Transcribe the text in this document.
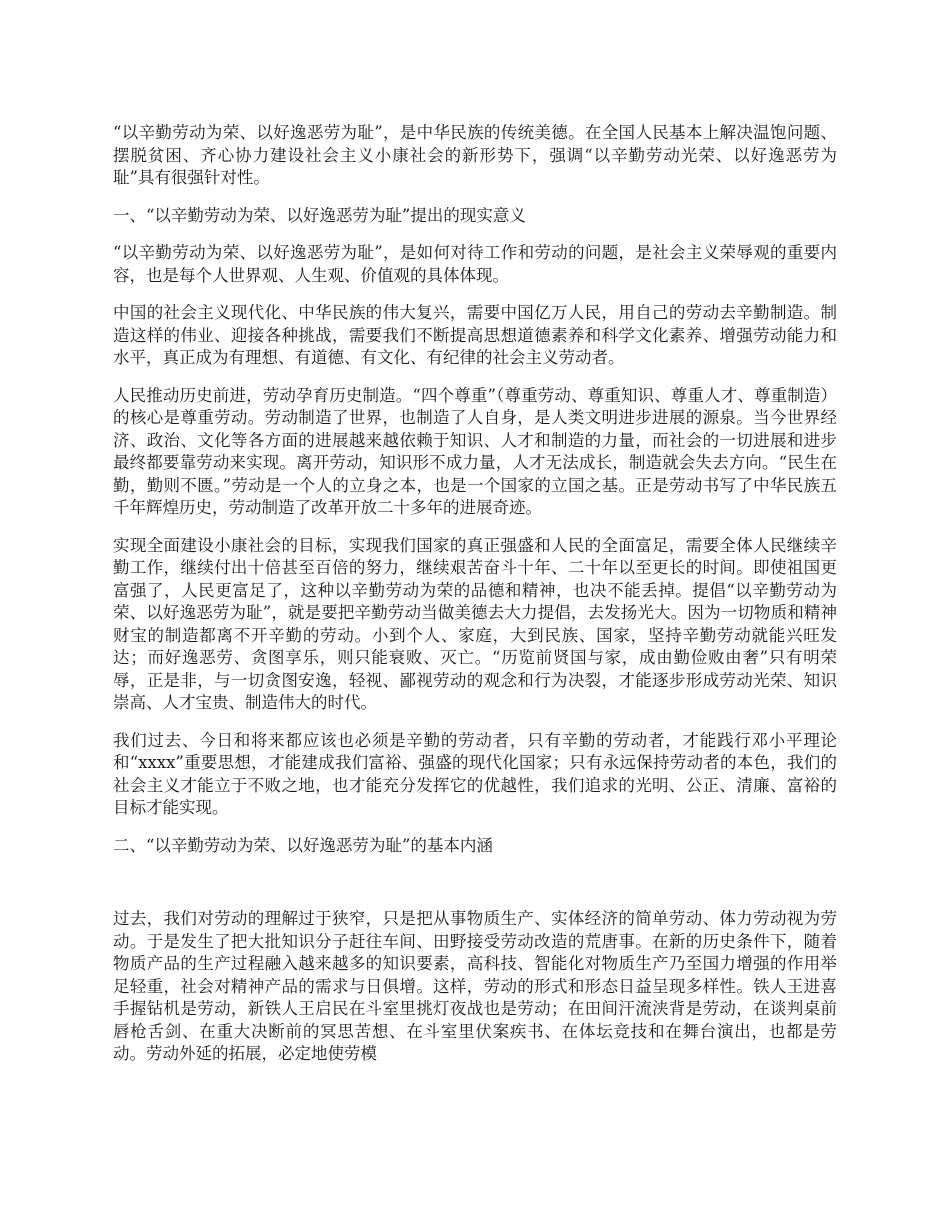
“以辛勤劳动为荣、以好逸恶劳为耻”，是中华民族的传统美德。在全国人民基本上解决温饱问题、摆脱贫困、齐心协力建设社会主义小康社会的新形势下，强调“以辛勤劳动光荣、以好逸恶劳为耻”具有很强针对性。

一、“以辛勤劳动为荣、以好逸恶劳为耻”提出的现实意义

“以辛勤劳动为荣、以好逸恶劳为耻”，是如何对待工作和劳动的问题，是社会主义荣辱观的重要内容，也是每个人世界观、人生观、价值观的具体体现。

中国的社会主义现代化、中华民族的伟大复兴，需要中国亿万人民，用自己的劳动去辛勤制造。制造这样的伟业、迎接各种挑战，需要我们不断提高思想道德素养和科学文化素养、增强劳动能力和水平，真正成为有理想、有道德、有文化、有纪律的社会主义劳动者。

人民推动历史前进，劳动孕育历史制造。“四个尊重”（尊重劳动、尊重知识、尊重人才、尊重制造）的核心是尊重劳动。劳动制造了世界，也制造了人自身，是人类文明进步进展的源泉。当今世界经济、政治、文化等各方面的进展越来越依赖于知识、人才和制造的力量，而社会的一切进展和进步最终都要靠劳动来实现。离开劳动，知识形不成力量，人才无法成长，制造就会失去方向。“民生在勤，勤则不匮。”劳动是一个人的立身之本，也是一个国家的立国之基。正是劳动书写了中华民族五千年辉煌历史，劳动制造了改革开放二十多年的进展奇迹。

实现全面建设小康社会的目标，实现我们国家的真正强盛和人民的全面富足，需要全体人民继续辛勤工作，继续付出十倍甚至百倍的努力，继续艰苦奋斗十年、二十年以至更长的时间。即使祖国更富强了，人民更富足了，这种以辛勤劳动为荣的品德和精神，也决不能丢掉。提倡“以辛勤劳动为荣、以好逸恶劳为耻”，就是要把辛勤劳动当做美德去大力提倡，去发扬光大。因为一切物质和精神财宝的制造都离不开辛勤的劳动。小到个人、家庭，大到民族、国家，坚持辛勤劳动就能兴旺发达；而好逸恶劳、贪图享乐，则只能衰败、灭亡。“历览前贤国与家，成由勤俭败由奢”只有明荣辱，正是非，与一切贪图安逸，轻视、鄙视劳动的观念和行为决裂，才能逐步形成劳动光荣、知识崇高、人才宝贵、制造伟大的时代。

我们过去、今日和将来都应该也必须是辛勤的劳动者，只有辛勤的劳动者，才能践行邓小平理论和“xxxx”重要思想，才能建成我们富裕、强盛的现代化国家；只有永远保持劳动者的本色，我们的社会主义才能立于不败之地，也才能充分发挥它的优越性，我们追求的光明、公正、清廉、富裕的目标才能实现。

二、“以辛勤劳动为荣、以好逸恶劳为耻”的基本内涵

过去，我们对劳动的理解过于狭窄，只是把从事物质生产、实体经济的简单劳动、体力劳动视为劳动。于是发生了把大批知识分子赶往车间、田野接受劳动改造的荒唐事。在新的历史条件下，随着物质产品的生产过程融入越来越多的知识要素，高科技、智能化对物质生产乃至国力增强的作用举足轻重，社会对精神产品的需求与日俱增。这样，劳动的形式和形态日益呈现多样性。铁人王进喜手握钻机是劳动，新铁人王启民在斗室里挑灯夜战也是劳动；在田间汗流浃背是劳动，在谈判桌前唇枪舌剑、在重大决断前的冥思苦想、在斗室里伏案疾书、在体坛竞技和在舞台演出，也都是劳动。劳动外延的拓展，必定地使劳模
